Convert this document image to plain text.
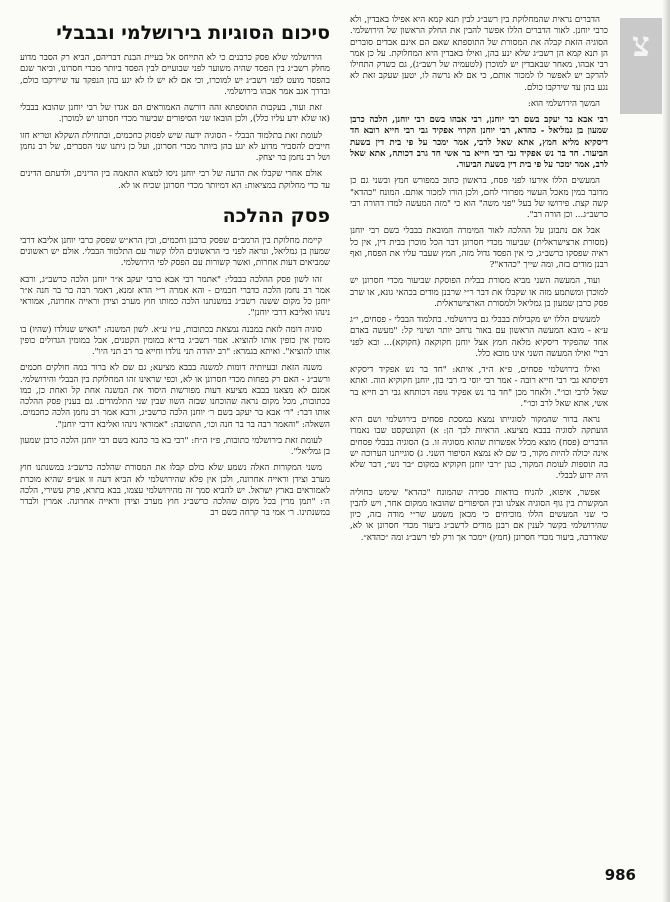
צ

הדברים נראית שהמחלוקת בין רשב״ג לבין תנא קמא היא אפילו באבדין, ולא כרבי יוחנן. לאור הדברים הללו אפשר להבין את החלק הראשון של הירושלמי. הסוגיה הזאת קבלה את המסורת של התוספתא שאם הם אינם אבדים סוברים הן תנא קמא הן רשב״ג שלא ינע בהן, ואילו באבדין היא המחלוקת. על כן אמר רבי אבהו, מאחר שבאבדין יש למוכרן (לטעמיה של רשב״ג), גם כשדק התחילו להרקב יש לאפשר לו למכור אותם, כי אם לא נרשה לו, יטען שעקב זאת לא נגע בהן עד שירקבו כולם.

המשך הירושלמי הוא:

רבי אבא בר יעקב בשם רבי יוחנן, רבי אבהו בשם רבי יוחנן, הלכה כרבן שמעון בן גמליאל - כהדא, רבי יוחנן הקרוי אפקיד גבי רבי חייא רובא חד דיסקיא מליא חמץ, אתא שאל לרבי, אמר ימכר על פי בית דין בשעת הביעור. חד בר נש אפקיד גבי רבי חייא בר אשי חד גרב דכותח, אתא שאל לרב, אמר ימכר על פי בית דין בשעת הביעור.

המעשים הללו אירעו לפני פסח, בראשון כתוב במפורש חמץ ובשני גם כן מדובר במין מאכל העשוי מפרורי לחם, ולכן הורו למכור אותם. המונח "כהדא" קשה קצת. פירושו של בעל "פני משה" הוא כי "מזה המעשה למדו דהורה רבי כרשב״ג... וכן הורה רב".

אבל אם נתבונן על ההלכה לאור המימרה המובאת בבבלי בשם רבי יוחנן (מסורת ארצישראלית) שביעור מכדי חסרונן דבר הכל מוכרן בבית דין, אין כל ראיה שפסקו כרשב״ג, כי אין הפסד גדול מזה, חמץ שעבר עליו את הפסח, ואף רבנן מודים בזה, ומה שייך "כהדא"?

ועוד, המעשה השני מביא מסורת בבלית הפוסקת שביעור מכדי חסרונן יש למוכרן ומשתמע מזה או שקבלו את דבר ר״י שרבנן מודים בכהאי גונא, או שרב פסק כרבן שמעון בן גמליאל ולמסורת הארצישראלית.

למעשים הללו יש מקבילות בבבלי גם בירושלמי. בתלמוד הבבלי - פסחים, י״ג ע״א - מובא המעשה הראשון עם באור נרחב יותר ושינוי קל: "מעשה באדם אחד שהפקיד דיסקיא מלאה חמץ אצל יוחנן חקוקאה (חקוקא)... ובא לפני רבי" ואילו המעשה השני אינו מובא כלל.

ואילו בירושלמי פסחים, פ״א ה״ד, איתא: "חד בר נש אפקיד דיסקיא דפיסתא גבי רבי חייא רובה - אמר רבי יוסי בי רבי בון, יוחנן חקוקיא הוה. ואתא שאל לרבי וכו׳". ולאחר מכן "חד בר נש אפקיד גופה דכותחא גבי רב חייא בר אשי, אתא שאל לרב וכו׳".

נראה ברור שהמקור לסוגייתו נמצא במסכת פסחים בירושלמי ושם היא הועתקה לסוגיה בבבא מציעא. הראיות לכך הן: א) הקונטקסט שבו נאמרו הדברים (פסח) מוצא מכלל אפשרות שהוא מסוגיה זו. ב) הסוגיה בבבלי פסחים אינה יכולה להיות מקור, כי שם לא נמצא הסיפור השני. ג) סוגייתנו הערוכה יש בה תוספות לעומת המקור, כגון ״רבי יוחנן חקוקיא במקום ״בר נש״, דבר שלא היה ידוע לבבלי.

אפשר, איפוא, להניח בודאות סבירה שהמונח "כהדא" שימש כחוליה המקשרת בין גוף הסוגיה אצלנו ובין הסיפורים שהובאו ממקום אחר, ויש להבין כי שני המעשים הללו מוכיחים כי מכאן משמע שר״י מודה בזה, כיון שהירושלמי בקשר לענין אם רבנן מודים לרשב״ג ביעור מכדי חסרונן או לא, שאדרבה, ביעור מכדי חסרונן (חמץ) יימכר אך ורק לפי רשב״ג ומה ״כהדא״.

סיכום הסוגיות בירושלמי ובבבלי

הירושלמי שלא פסק כרבנים כי לא התייחס אל בעיית הבנת דבריהם, הביא רק הסבר מדוע מחלק רשב״ג בין הפסד שהיה משוער לפני שבועיים לבין הפסד ביותר מכדי חסרונו, וביאר שגם בהפסד מועט לפני רשב״ג יש למוכרו, וכי אם לא יש לו לא יגע בהן הנפקד עד שיירקבו כולם, ובדרך אגב אמר אבהו בירושלמי.

זאת ועוד, בעקבות התוספתא זהה דורשה האמוראים הם אגדו של רבי יוחנן שהובא בבבלי (או שלא ידע עליו כלל), ולכן הובאו שני הסיפורים שביעור מכדי חסרונו יש למוכרן.

לעומת זאת בתלמוד הבבלי - הסוגיה ידעה שיש לפסוק כחכמים, ובתחילת השקלא וטריא חזו חייבים להסביר מדוע לא יגע בהן ביותר מכדי חסרונן, ועל כן ניתנו שני הסברים, של רב נחמן ושל רב נחמן בר יצחק.

אולם אחרי שקבלו את הדעה של רבי יוחנן ניסו למצוא התאמה בין הדינים, ולדעתם הדינים עד כדי מחלוקת במציאות: הא דמיותר מכדי חסרונן שכיח או לא.

פסק ההלכה

קיימת מחלוקת בין הרמב״ם שפסק כרבנן וחכמים, ובין הרא״ש שפסק כרבי יוחנן אליבא דרבי שמעון בן גמליאל, ונראה לפני כי הראשונים הללו קשור עם התלמוד הבבלי. אולם יש ראשונים שמביאים דעות אחרות, ואשר קשורות עם הפסק לפי הירושלמי.

זהו לשון פסק ההלכה בבבלי: "אתמר רבי אבא ברבי יעקב א״ר יוחנן הלכה כרשב״ג, ורבא אמר רב נחמן הלכה כדברי חכמים - והא אמרה ר״י הדא זמנא, דאמר רבה בר בר חנה א״ר יוחנן כל מקום ששנה רשב״ג במשנתנו הלכה כמותו חוץ מערב וצידן וראייה אחרונה, אמוראי נינהו ואליבא דרבי יוחנן".

סוגיה דומה לזאת במבנה נמצאת בכתובות, ע״ו ע״א. לשון המשנה: "האיש שנולדו (שהיו) בו מומין אין כופין אותו להוציא. אמר רשב״ג בד״א במומין הקטנים, אבל במומין הגדולים כופין אותו להוציא". ואיתא בגמרא: "רב יהודה תני נולדו וחייא בר רב תני היו".

משנה הזאת ובעיותיה דומות למשנה בבבא מציעא; גם שם לא ברור במה חולקים חכמים ורשב״ג - האם רק בפחות מכדי חסרונן או לא, וכפי שראינו זהו המחלוקת בין הבבלי והירושלמי. אמנם לא מצאנו בבבא מציעא דעות מפורשות היסוד את המשנה אחת קל ואחת כן, כמו בכתובות, מכל מקום נראה שהוכחנו שבזה השוו שבין שני התלמודים. גם בענין פסק ההלכה אותו דבר: "ר׳ אבא בר יעקב בשם ר׳ יוחנן הלכה כרשב״ג, ורבא אמר רב נחמן הלכה כחכמים. השאלה: "והאמר רבה בר בר חנה וכו׳, התשובה: "אמוראי נינהו ואליבא דרבי יוחנן".

לעומת זאת בירושלמי כתובות, פ״ז ה״ח: "רבי בא בר כהנא בשם רבי יוחנן הלכה כרבן שמעון בן גמליאל".

משני המקורות האלה נשמע שלא כולם קבלו את המסורת שהלכה כרשב״ג במשנתנו חוץ מערב וצידן וראייה אחרונה, ולכן אין פלא שהירושלמי לא הביא דעה זו אע״פ שהיא מוכרת לאמוראים בארץ ישראל. יש להביא סמך זה מהירושלמי עצמו, בבא בתרא, פרק עשירי, הלכה ה׳: "תמן מרין בכל מקום שהלכה כרשב״ג חוץ מערב וצידן וראייה אחרונה. אמרין ולבדר במשנתינו. ר׳ אמי בר קרחה בשם רב

986
